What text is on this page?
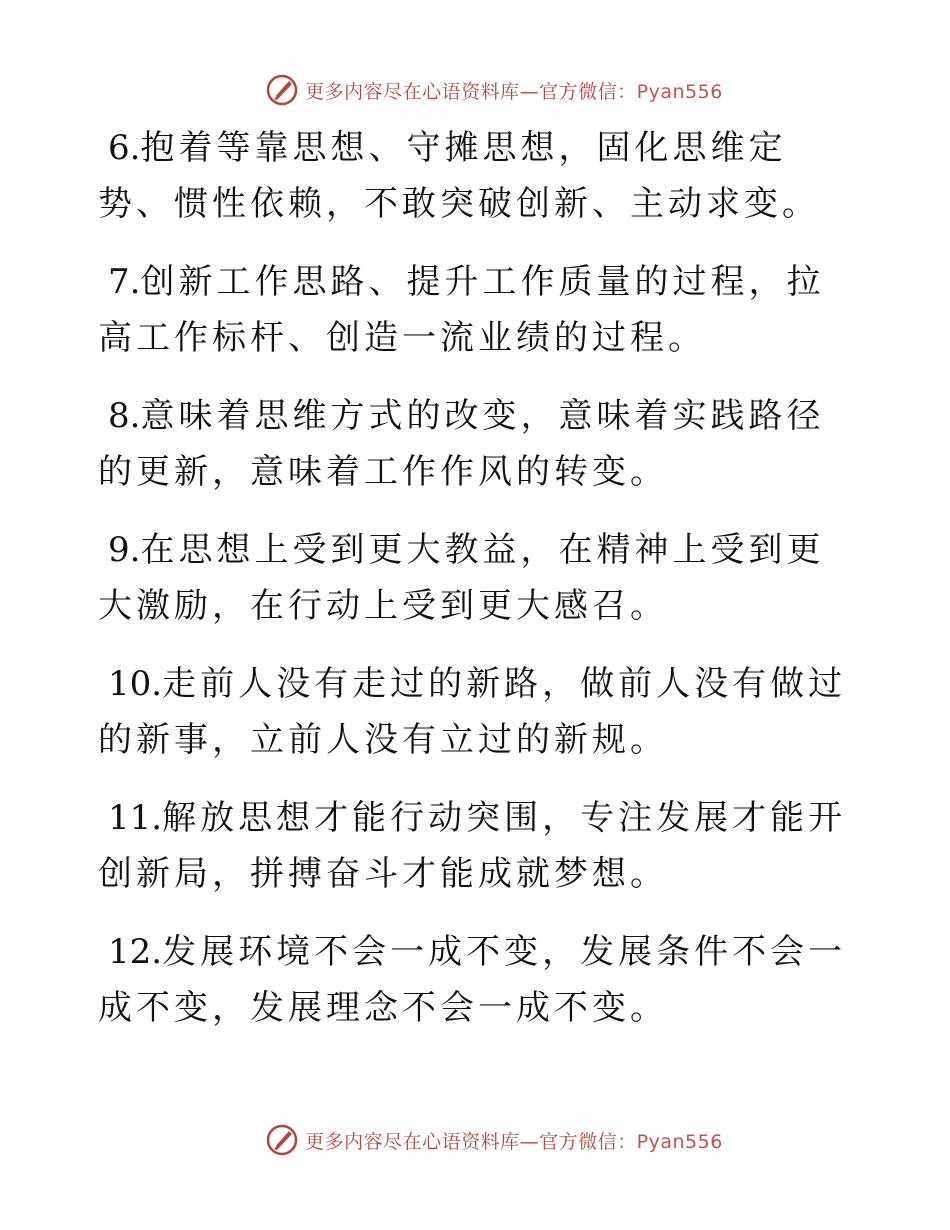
更多内容尽在心语资料库—官方微信：Pyan556

6.抱着等靠思想、守摊思想，固化思维定势、惯性依赖，不敢突破创新、主动求变。

7.创新工作思路、提升工作质量的过程，拉高工作标杆、创造一流业绩的过程。

8.意味着思维方式的改变，意味着实践路径的更新，意味着工作作风的转变。

9.在思想上受到更大教益，在精神上受到更大激励，在行动上受到更大感召。

10.走前人没有走过的新路，做前人没有做过的新事，立前人没有立过的新规。

11.解放思想才能行动突围，专注发展才能开创新局，拼搏奋斗才能成就梦想。

12.发展环境不会一成不变，发展条件不会一成不变，发展理念不会一成不变。

更多内容尽在心语资料库—官方微信：Pyan556
